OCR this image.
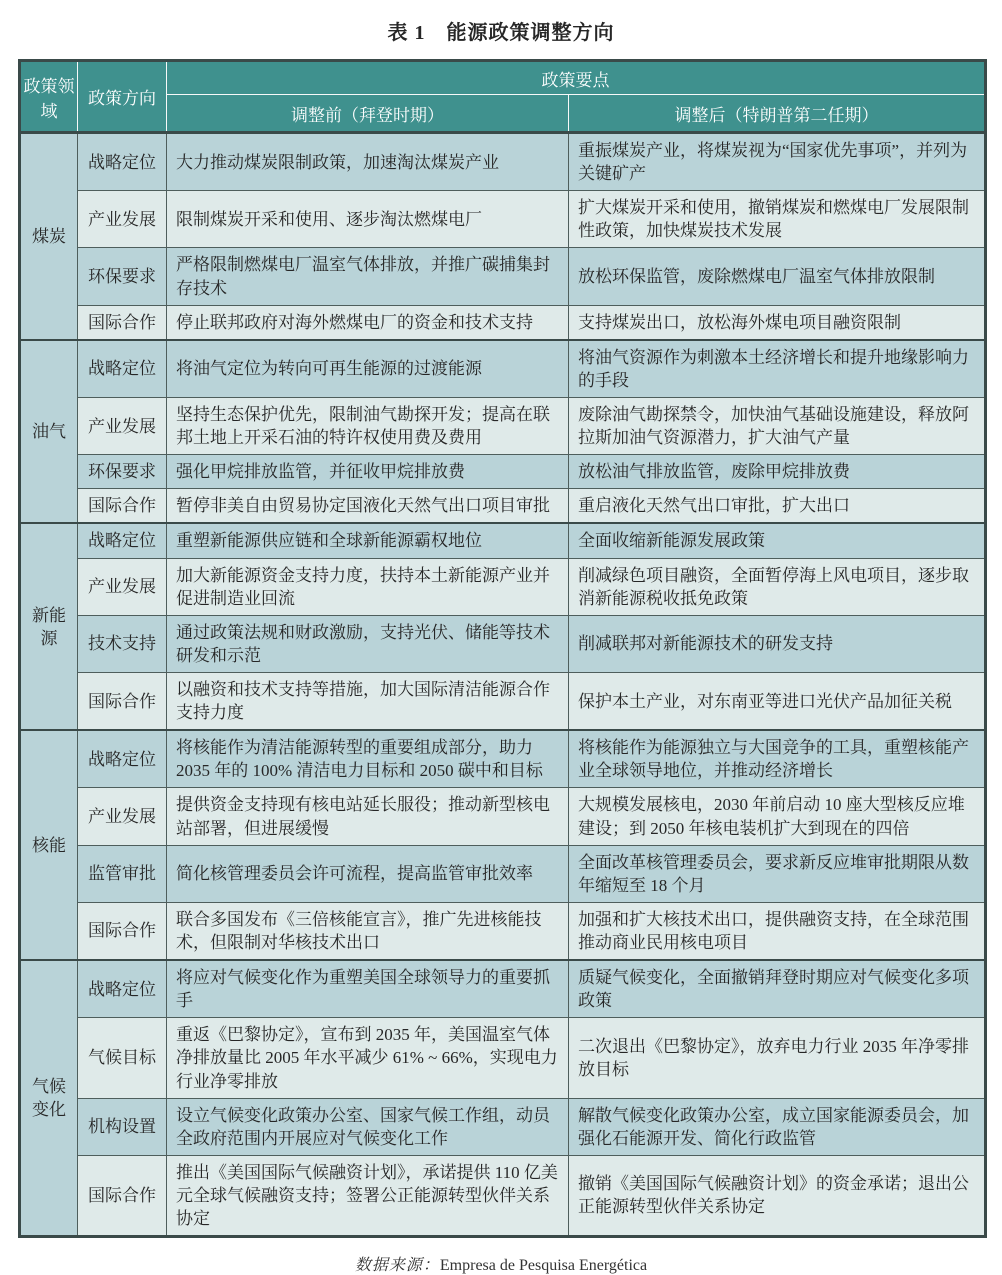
表 1　能源政策调整方向
政策领域	政策方向	政策要点	
		调整前（拜登时期）	调整后（特朗普第二任期）
煤炭	战略定位	大力推动煤炭限制政策，加速淘汰煤炭产业	重振煤炭产业，将煤炭视为“国家优先事项”，并列为关键矿产
	产业发展	限制煤炭开采和使用、逐步淘汰燃煤电厂	扩大煤炭开采和使用，撤销煤炭和燃煤电厂发展限制性政策，加快煤炭技术发展
	环保要求	严格限制燃煤电厂温室气体排放，并推广碳捕集封存技术	放松环保监管，废除燃煤电厂温室气体排放限制
	国际合作	停止联邦政府对海外燃煤电厂的资金和技术支持	支持煤炭出口，放松海外煤电项目融资限制
油气	战略定位	将油气定位为转向可再生能源的过渡能源	将油气资源作为刺激本土经济增长和提升地缘影响力的手段
	产业发展	坚持生态保护优先，限制油气勘探开发；提高在联邦土地上开采石油的特许权使用费及费用	废除油气勘探禁令，加快油气基础设施建设，释放阿拉斯加油气资源潜力，扩大油气产量
	环保要求	强化甲烷排放监管，并征收甲烷排放费	放松油气排放监管，废除甲烷排放费
	国际合作	暂停非美自由贸易协定国液化天然气出口项目审批	重启液化天然气出口审批，扩大出口
新能源	战略定位	重塑新能源供应链和全球新能源霸权地位	全面收缩新能源发展政策
	产业发展	加大新能源资金支持力度，扶持本土新能源产业并促进制造业回流	削减绿色项目融资，全面暂停海上风电项目，逐步取消新能源税收抵免政策
	技术支持	通过政策法规和财政激励，支持光伏、储能等技术研发和示范	削减联邦对新能源技术的研发支持
	国际合作	以融资和技术支持等措施，加大国际清洁能源合作支持力度	保护本土产业，对东南亚等进口光伏产品加征关税
核能	战略定位	将核能作为清洁能源转型的重要组成部分，助力 2035 年的 100% 清洁电力目标和 2050 碳中和目标	将核能作为能源独立与大国竞争的工具，重塑核能产业全球领导地位，并推动经济增长
	产业发展	提供资金支持现有核电站延长服役；推动新型核电站部署，但进展缓慢	大规模发展核电，2030 年前启动 10 座大型核反应堆建设；到 2050 年核电装机扩大到现在的四倍
	监管审批	简化核管理委员会许可流程，提高监管审批效率	全面改革核管理委员会，要求新反应堆审批期限从数年缩短至 18 个月
	国际合作	联合多国发布《三倍核能宣言》，推广先进核能技术，但限制对华核技术出口	加强和扩大核技术出口，提供融资支持，在全球范围推动商业民用核电项目
气候变化	战略定位	将应对气候变化作为重塑美国全球领导力的重要抓手	质疑气候变化，全面撤销拜登时期应对气候变化多项政策
	气候目标	重返《巴黎协定》，宣布到 2035 年，美国温室气体净排放量比 2005 年水平减少 61% ~ 66%，实现电力行业净零排放	二次退出《巴黎协定》，放弃电力行业 2035 年净零排放目标
	机构设置	设立气候变化政策办公室、国家气候工作组，动员全政府范围内开展应对气候变化工作	解散气候变化政策办公室，成立国家能源委员会，加强化石能源开发、简化行政监管
	国际合作	推出《美国国际气候融资计划》，承诺提供 110 亿美元全球气候融资支持；签署公正能源转型伙伴关系协定	撤销《美国国际气候融资计划》的资金承诺；退出公正能源转型伙伴关系协定

数据来源：Empresa de Pesquisa Energética
